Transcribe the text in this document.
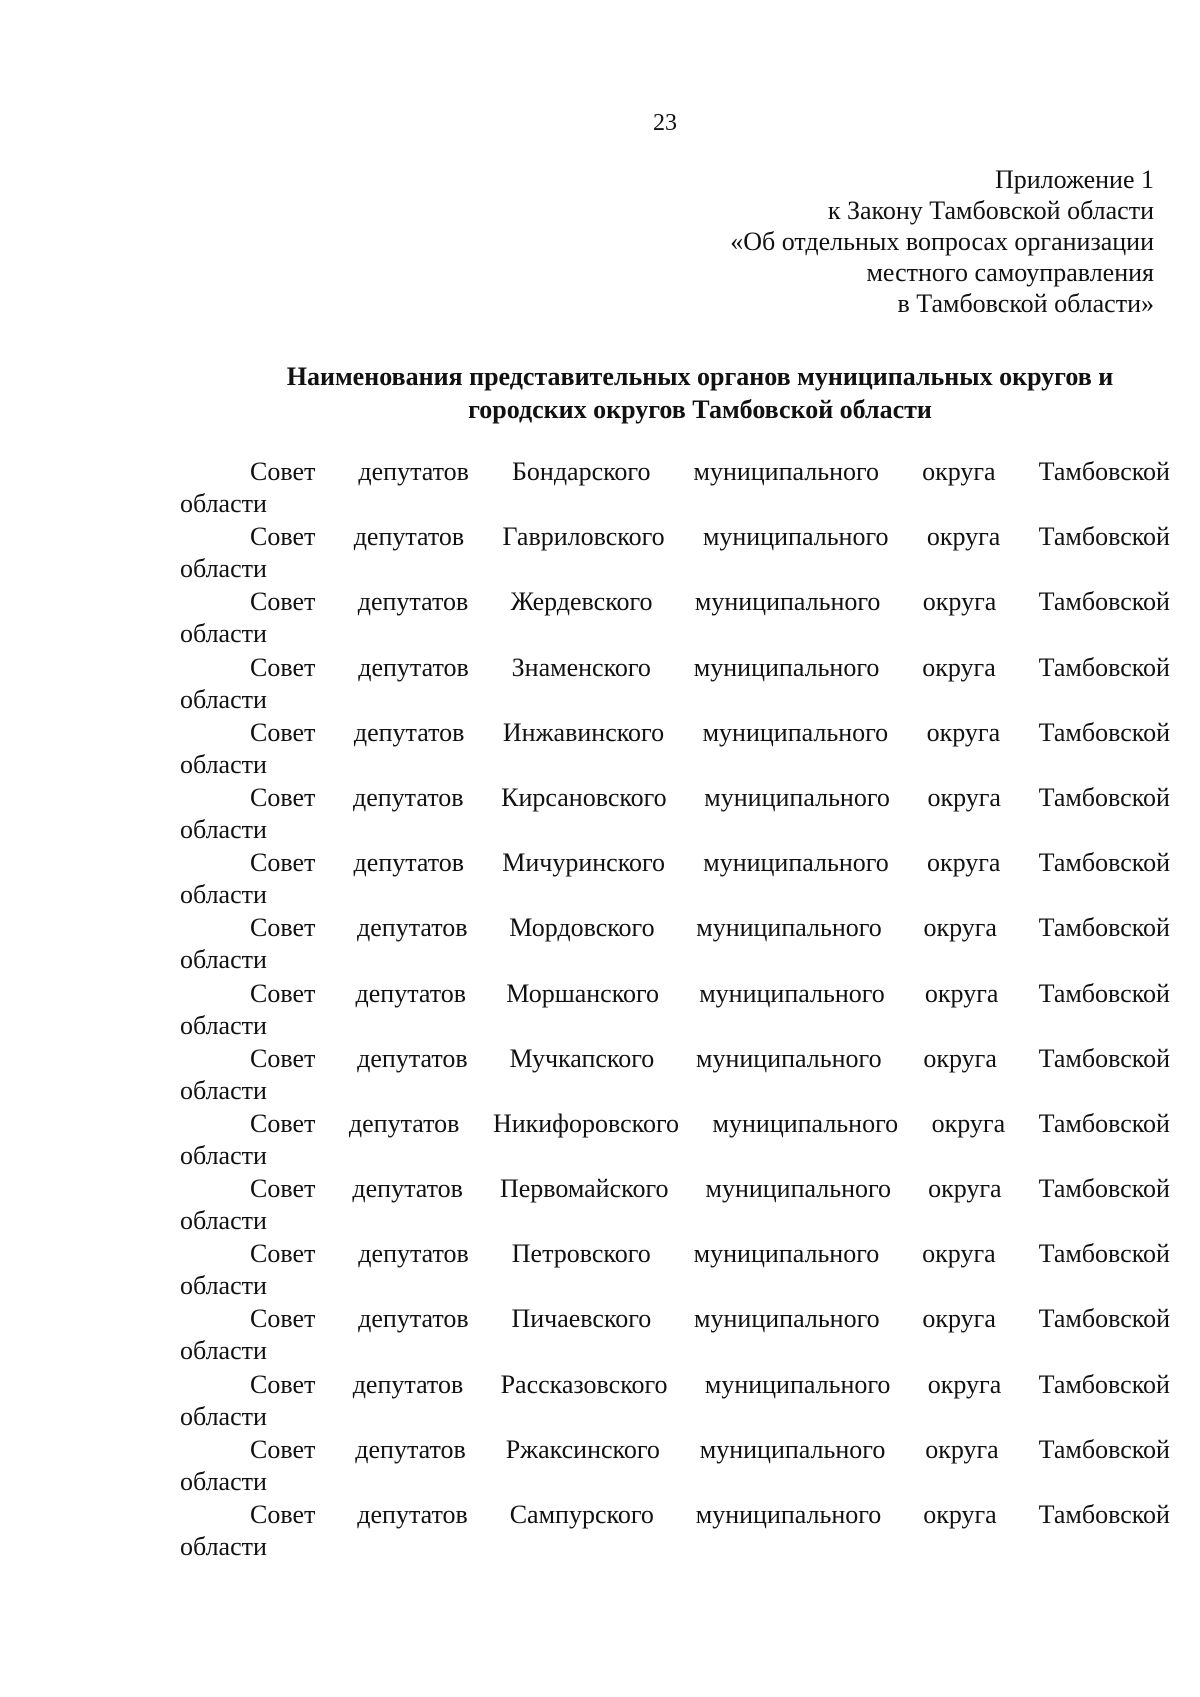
23
Приложение 1
к Закону Тамбовской области
«Об отдельных вопросах организации
местного самоуправления
в Тамбовской области»
Наименования представительных органов муниципальных округов и
городских округов Тамбовской области
Совет депутатов Бондарского муниципального округа Тамбовской
области
Совет депутатов Гавриловского муниципального округа Тамбовской
области
Совет депутатов Жердевского муниципального округа Тамбовской
области
Совет депутатов Знаменского муниципального округа Тамбовской
области
Совет депутатов Инжавинского муниципального округа Тамбовской
области
Совет депутатов Кирсановского муниципального округа Тамбовской
области
Совет депутатов Мичуринского муниципального округа Тамбовской
области
Совет депутатов Мордовского муниципального округа Тамбовской
области
Совет депутатов Моршанского муниципального округа Тамбовской
области
Совет депутатов Мучкапского муниципального округа Тамбовской
области
Совет депутатов Никифоровского муниципального округа Тамбовской
области
Совет депутатов Первомайского муниципального округа Тамбовской
области
Совет депутатов Петровского муниципального округа Тамбовской
области
Совет депутатов Пичаевского муниципального округа Тамбовской
области
Совет депутатов Рассказовского муниципального округа Тамбовской
области
Совет депутатов Ржаксинского муниципального округа Тамбовской
области
Совет депутатов Сампурского муниципального округа Тамбовской
области
